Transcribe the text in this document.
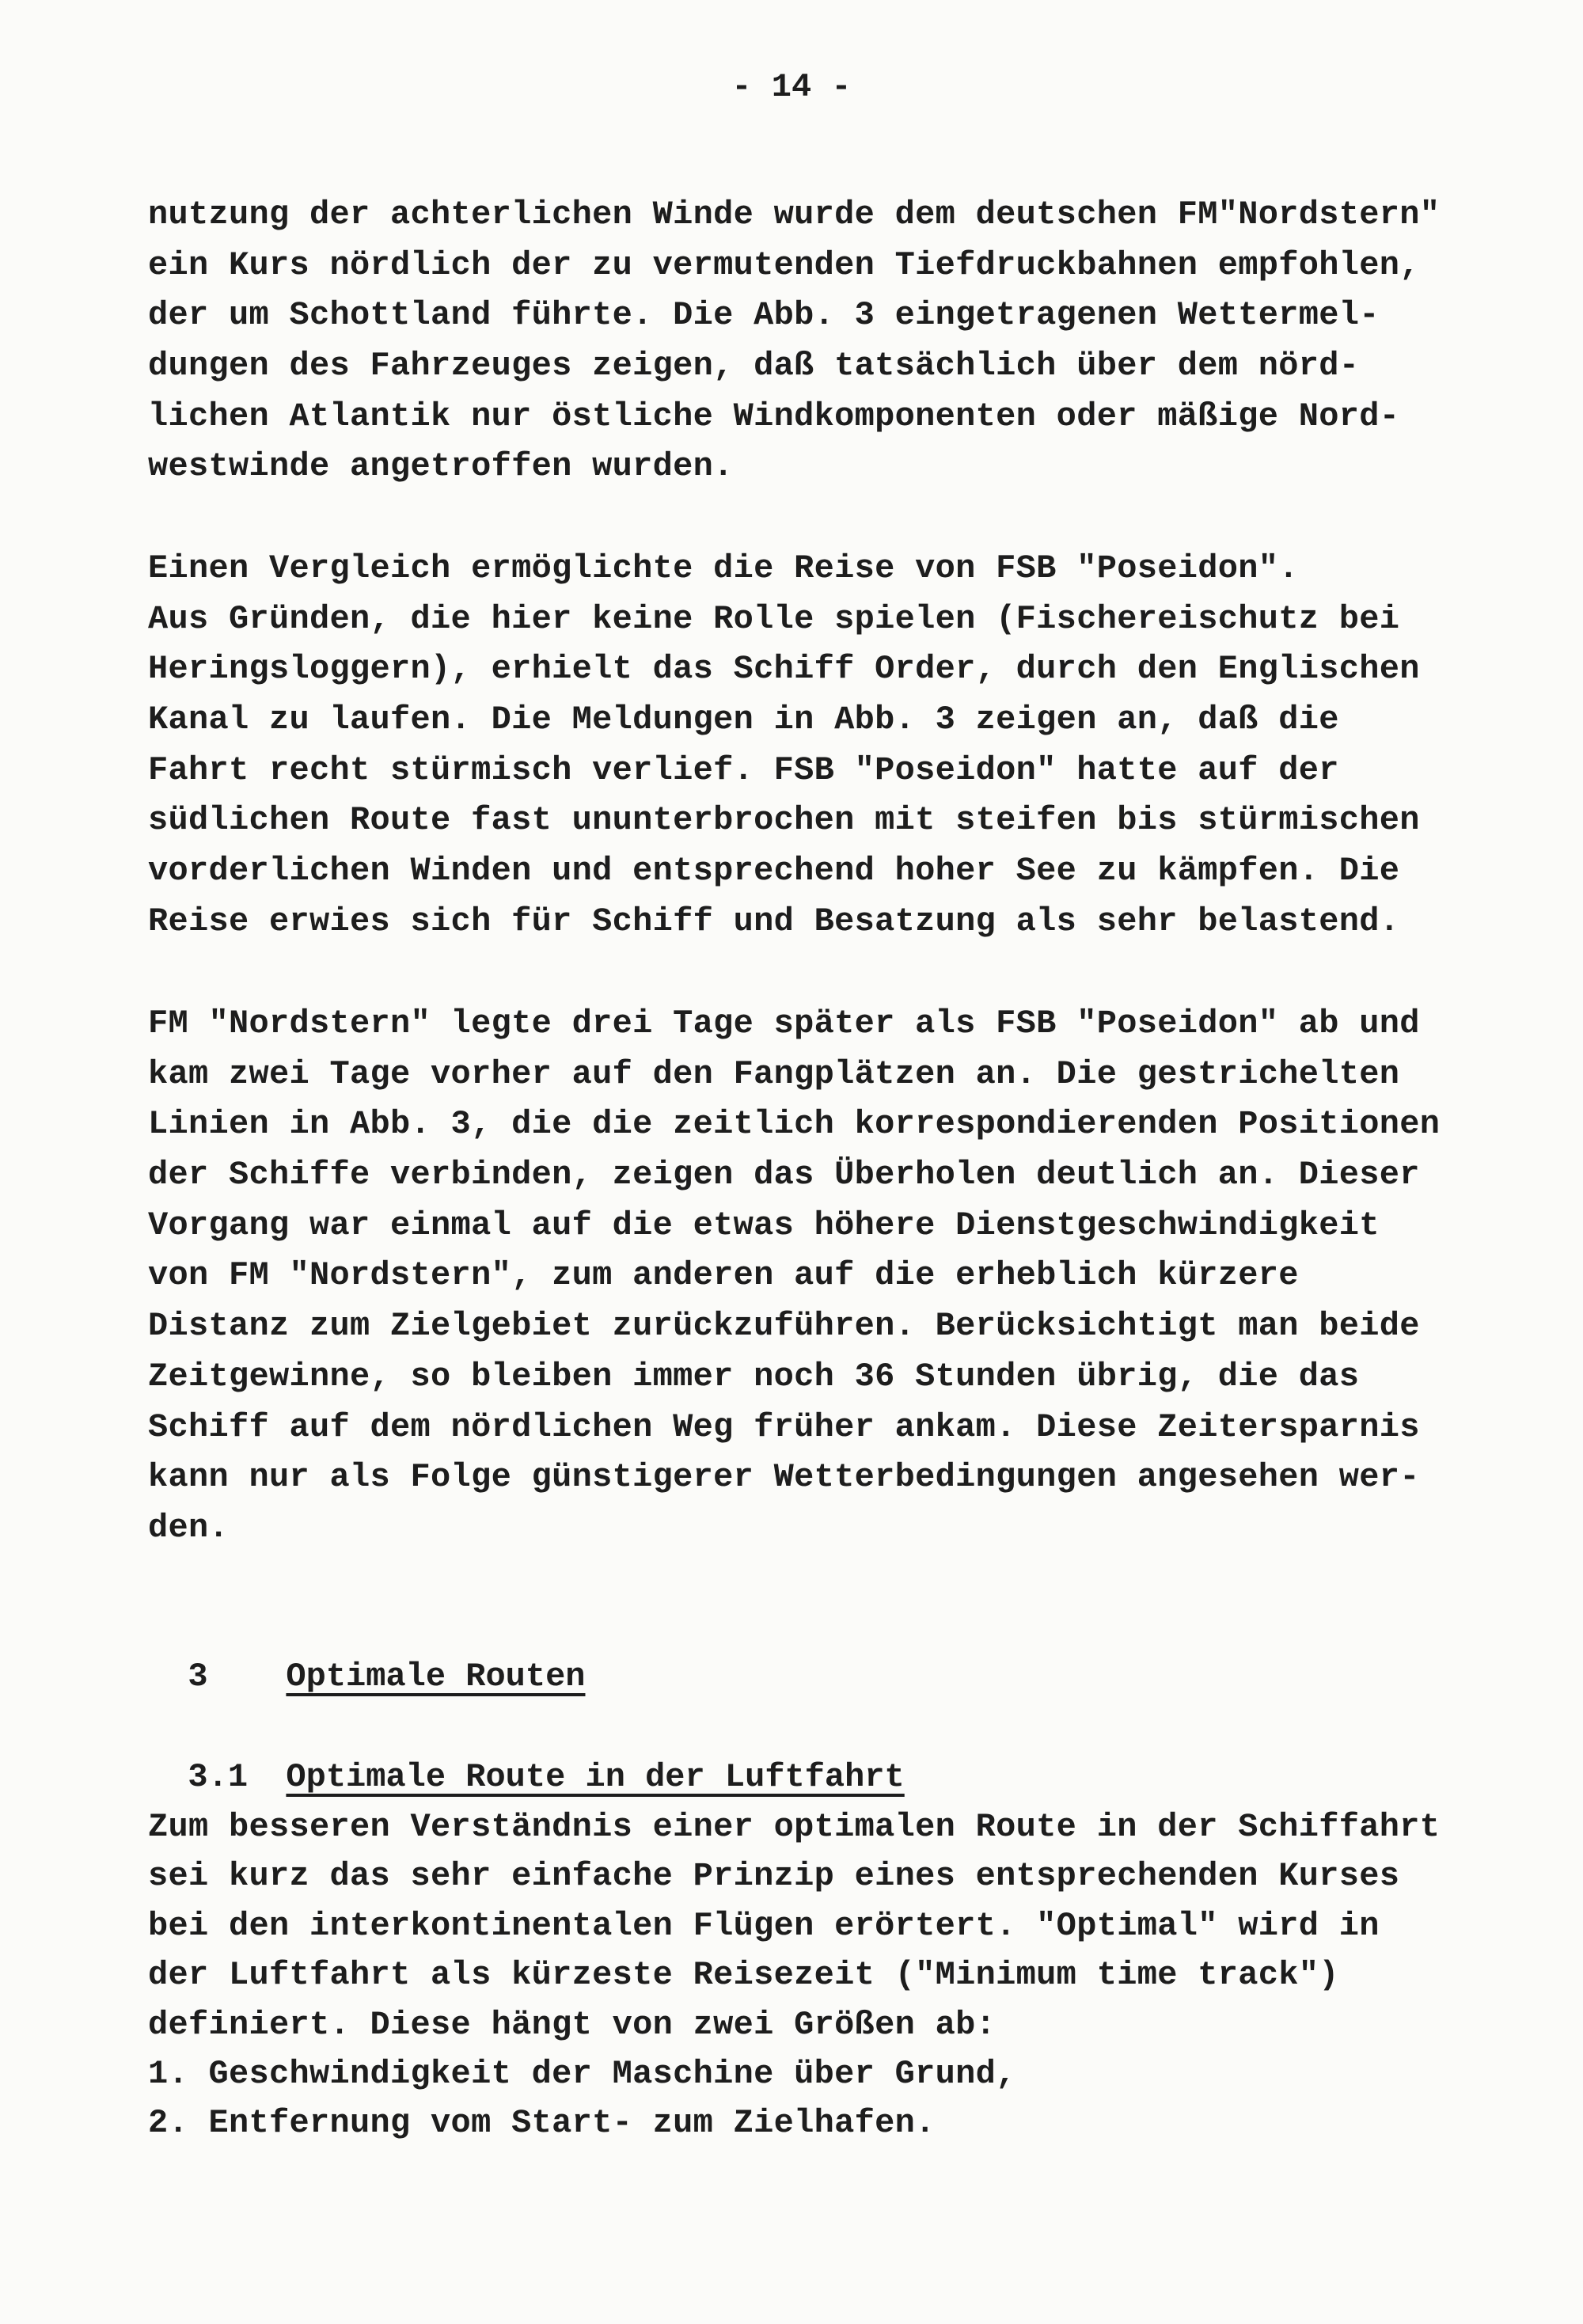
- 14 -
nutzung der achterlichen Winde wurde dem deutschen FM"Nordstern"
ein Kurs nördlich der zu vermutenden Tiefdruckbahnen empfohlen,
der um Schottland führte. Die Abb. 3 eingetragenen Wettermel-
dungen des Fahrzeuges zeigen, daß tatsächlich über dem nörd-
lichen Atlantik nur östliche Windkomponenten oder mäßige Nord-
westwinde angetroffen wurden.
Einen Vergleich ermöglichte die Reise von FSB "Poseidon".
Aus Gründen, die hier keine Rolle spielen (Fischereischutz bei
Heringsloggern), erhielt das Schiff Order, durch den Englischen
Kanal zu laufen. Die Meldungen in Abb. 3 zeigen an, daß die
Fahrt recht stürmisch verlief. FSB "Poseidon" hatte auf der
südlichen Route fast ununterbrochen mit steifen bis stürmischen
vorderlichen Winden und entsprechend hoher See zu kämpfen. Die
Reise erwies sich für Schiff und Besatzung als sehr belastend.
FM "Nordstern" legte drei Tage später als FSB "Poseidon" ab und
kam zwei Tage vorher auf den Fangplätzen an. Die gestrichelten
Linien in Abb. 3, die die zeitlich korrespondierenden Positionen
der Schiffe verbinden, zeigen das Überholen deutlich an. Dieser
Vorgang war einmal auf die etwas höhere Dienstgeschwindigkeit
von FM "Nordstern", zum anderen auf die erheblich kürzere
Distanz zum Zielgebiet zurückzuführen. Berücksichtigt man beide
Zeitgewinne, so bleiben immer noch 36 Stunden übrig, die das
Schiff auf dem nördlichen Weg früher ankam. Diese Zeitersparnis
kann nur als Folge günstigerer Wetterbedingungen angesehen wer-
den.

3 Optimale Routen

3.1 Optimale Route in der Luftfahrt

Zum besseren Verständnis einer optimalen Route in der Schiffahrt
sei kurz das sehr einfache Prinzip eines entsprechenden Kurses
bei den interkontinentalen Flügen erörtert. "Optimal" wird in
der Luftfahrt als kürzeste Reisezeit ("Minimum time track")
definiert. Diese hängt von zwei Größen ab:
1. Geschwindigkeit der Maschine über Grund,
2. Entfernung vom Start- zum Zielhafen.
